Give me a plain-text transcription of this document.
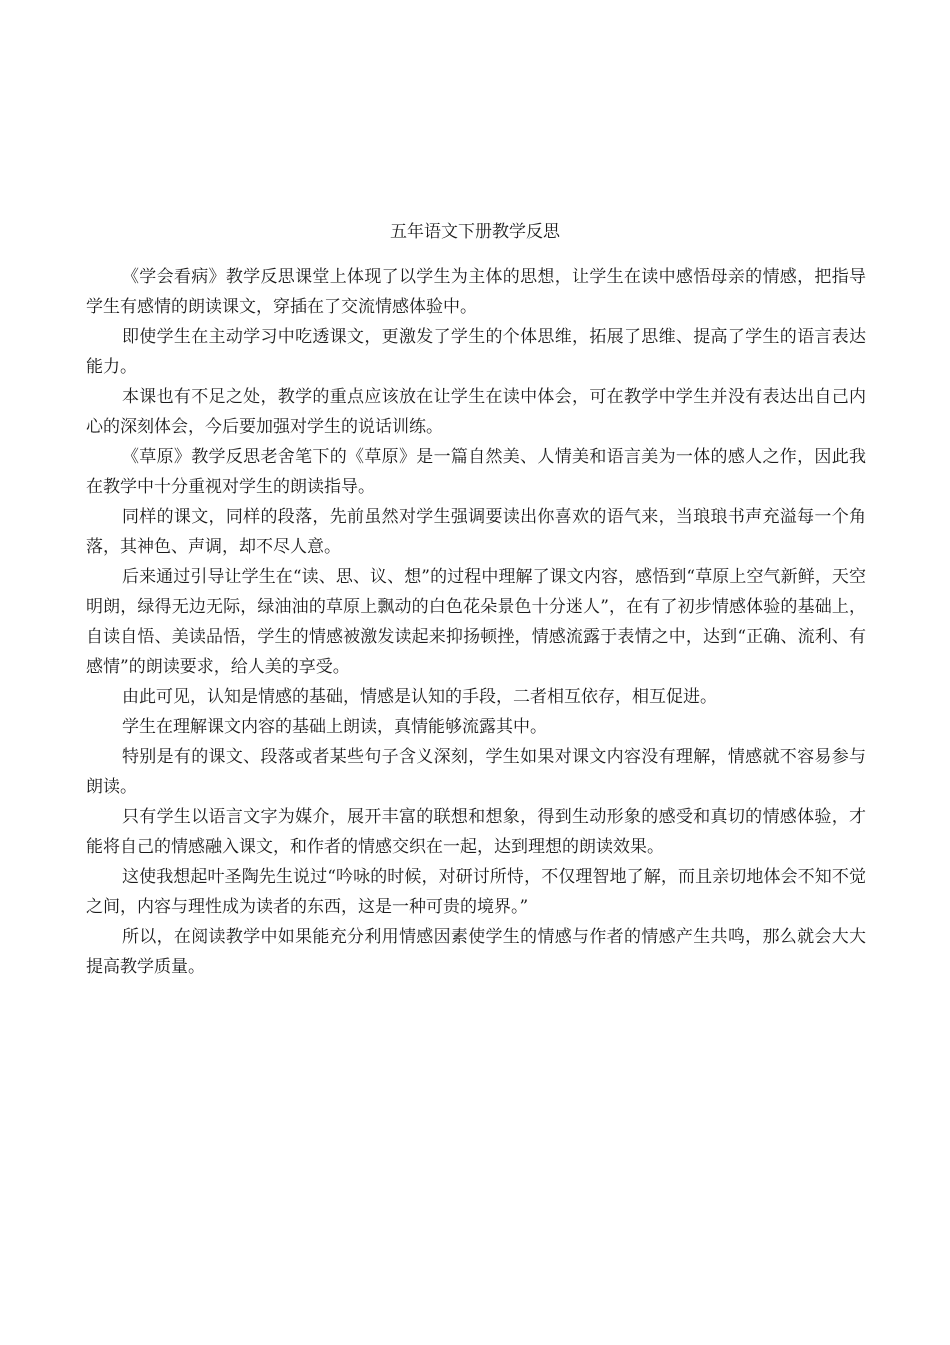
五年语文下册教学反思

《学会看病》教学反思课堂上体现了以学生为主体的思想，让学生在读中感悟母亲的情感，把指导学生有感情的朗读课文，穿插在了交流情感体验中。

即使学生在主动学习中吃透课文，更激发了学生的个体思维，拓展了思维、提高了学生的语言表达能力。

本课也有不足之处，教学的重点应该放在让学生在读中体会，可在教学中学生并没有表达出自己内心的深刻体会，今后要加强对学生的说话训练。

《草原》教学反思老舍笔下的《草原》是一篇自然美、人情美和语言美为一体的感人之作，因此我在教学中十分重视对学生的朗读指导。

同样的课文，同样的段落，先前虽然对学生强调要读出你喜欢的语气来，当琅琅书声充溢每一个角落，其神色、声调，却不尽人意。

后来通过引导让学生在“读、思、议、想”的过程中理解了课文内容，感悟到“草原上空气新鲜，天空明朗，绿得无边无际，绿油油的草原上飘动的白色花朵景色十分迷人”，在有了初步情感体验的基础上，自读自悟、美读品悟，学生的情感被激发读起来抑扬顿挫，情感流露于表情之中，达到“正确、流利、有感情”的朗读要求，给人美的享受。

由此可见，认知是情感的基础，情感是认知的手段，二者相互依存，相互促进。

学生在理解课文内容的基础上朗读，真情能够流露其中。

特别是有的课文、段落或者某些句子含义深刻，学生如果对课文内容没有理解，情感就不容易参与朗读。

只有学生以语言文字为媒介，展开丰富的联想和想象，得到生动形象的感受和真切的情感体验，才能将自己的情感融入课文，和作者的情感交织在一起，达到理想的朗读效果。

这使我想起叶圣陶先生说过“吟咏的时候，对研讨所恃，不仅理智地了解，而且亲切地体会不知不觉之间，内容与理性成为读者的东西，这是一种可贵的境界。”

所以，在阅读教学中如果能充分利用情感因素使学生的情感与作者的情感产生共鸣，那么就会大大提高教学质量。
